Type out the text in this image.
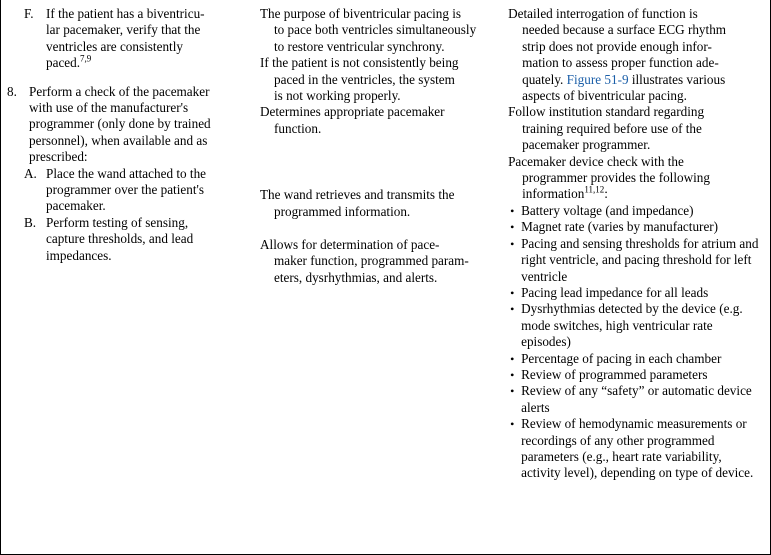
F. If the patient has a biventricu-
lar pacemaker, verify that the
ventricles are consistently
paced.$^{7,9}$
8. Perform a check of the pacemaker
with use of the manufacturer's
programmer (only done by trained
personnel), when available and as
prescribed:
A. Place the wand attached to the
programmer over the patient's
pacemaker.
B. Perform testing of sensing,
capture thresholds, and lead
impedances.
The purpose of biventricular pacing is
to pace both ventricles simultaneously
to restore ventricular synchrony.
If the patient is not consistently being
paced in the ventricles, the system
is not working properly.
Determines appropriate pacemaker
function.
The wand retrieves and transmits the
programmed information.
Allows for determination of pace-
maker function, programmed param-
eters, dysrhythmias, and alerts.
Detailed interrogation of function is
needed because a surface ECG rhythm
strip does not provide enough infor-
mation to assess proper function ade-
quately. Figure 51-9 illustrates various
aspects of biventricular pacing.
Follow institution standard regarding
training required before use of the
pacemaker programmer.
Pacemaker device check with the
programmer provides the following
information$^{11,12}$:
• Battery voltage (and impedance)
• Magnet rate (varies by manufacturer)
• Pacing and sensing thresholds for atrium and right ventricle, and pacing threshold for left ventricle
• Pacing lead impedance for all leads
• Dysrhythmias detected by the device (e.g. mode switches, high ventricular rate episodes)
• Percentage of pacing in each chamber
• Review of programmed parameters
• Review of any “safety” or automatic device alerts
• Review of hemodynamic measurements or recordings of any other programmed parameters (e.g., heart rate variability, activity level), depending on type of device.
